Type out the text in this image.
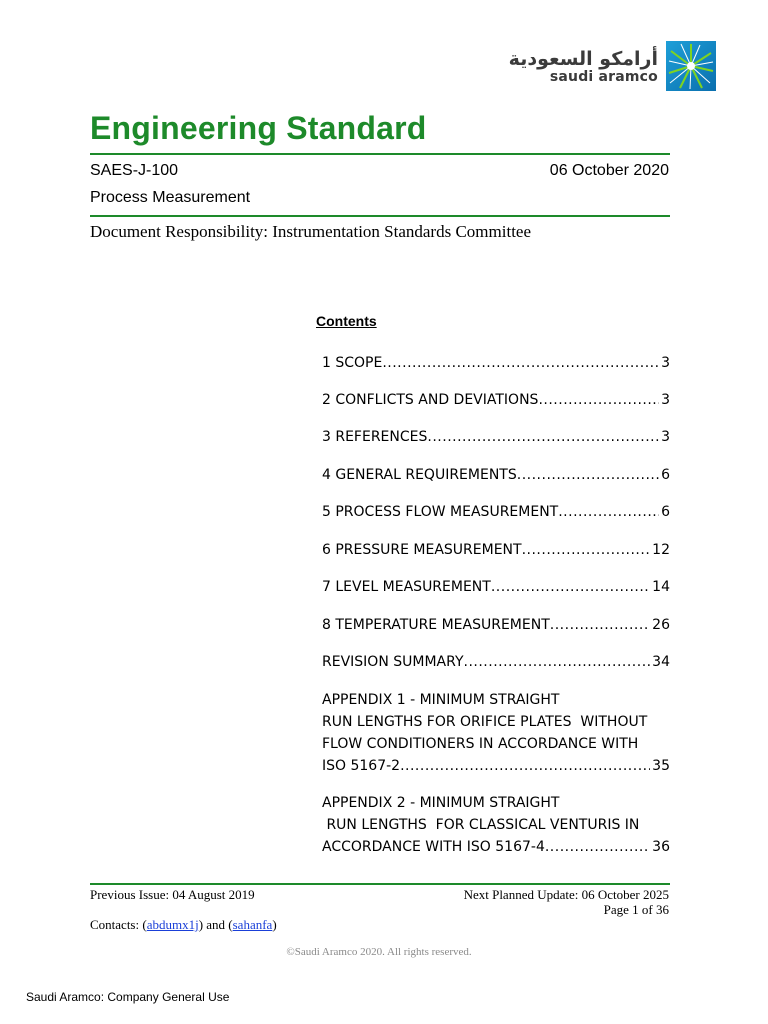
أرامكو السعودية
saudi aramco
Engineering Standard
SAES-J-100	06 October 2020
Process Measurement
Document Responsibility: Instrumentation Standards Committee
Contents
1 SCOPE .....	3
2 CONFLICTS AND DEVIATIONS .....	3
3 REFERENCES .....	3
4 GENERAL REQUIREMENTS .....	6
5 PROCESS FLOW MEASUREMENT .....	6
6 PRESSURE MEASUREMENT .....	12
7 LEVEL MEASUREMENT .....	14
8 TEMPERATURE MEASUREMENT .....	26
REVISION SUMMARY .....	34
APPENDIX 1 - MINIMUM STRAIGHT
RUN LENGTHS FOR ORIFICE PLATES  WITHOUT
FLOW CONDITIONERS IN ACCORDANCE WITH
ISO 5167-2 .....	35
APPENDIX 2 - MINIMUM STRAIGHT
RUN LENGTHS  FOR CLASSICAL VENTURIS IN
ACCORDANCE WITH ISO 5167-4 .....	36
Previous Issue: 04 August 2019	Next Planned Update: 06 October 2025
Page 1 of 36
Contacts: (abdumx1j) and (sahanfa)
©Saudi Aramco 2020. All rights reserved.
Saudi Aramco: Company General Use
